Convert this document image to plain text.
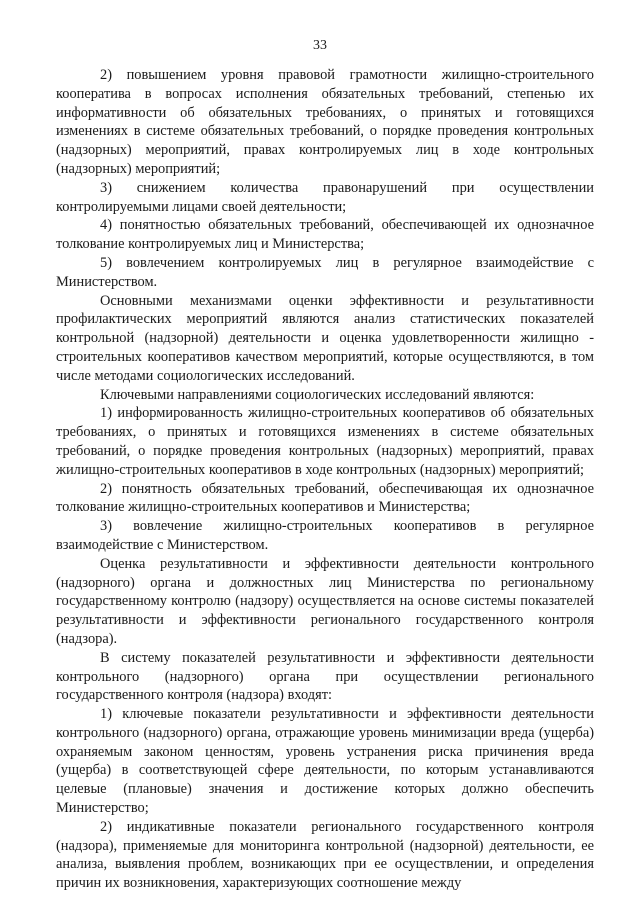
33

2) повышением уровня правовой грамотности жилищно-строительного кооператива в вопросах исполнения обязательных требований, степенью их информативности об обязательных требованиях, о принятых и готовящихся изменениях в системе обязательных требований, о порядке проведения контрольных (надзорных) мероприятий, правах контролируемых лиц в ходе контрольных (надзорных) мероприятий;

3) снижением количества правонарушений при осуществлении контролируемыми лицами своей деятельности;

4) понятностью обязательных требований, обеспечивающей их однозначное толкование контролируемых лиц и Министерства;

5) вовлечением контролируемых лиц в регулярное взаимодействие с Министерством.

Основными механизмами оценки эффективности и результативности профилактических мероприятий являются анализ статистических показателей контрольной (надзорной) деятельности и оценка удовлетворенности жилищно - строительных кооперативов качеством мероприятий, которые осуществляются, в том числе методами социологических исследований.

Ключевыми направлениями социологических исследований являются:

1) информированность жилищно-строительных кооперативов об обязательных требованиях, о принятых и готовящихся изменениях в системе обязательных требований, о порядке проведения контрольных (надзорных) мероприятий, правах жилищно-строительных кооперативов в ходе контрольных (надзорных) мероприятий;

2) понятность обязательных требований, обеспечивающая их однозначное толкование жилищно-строительных кооперативов и Министерства;

3) вовлечение жилищно-строительных кооперативов в регулярное взаимодействие с Министерством.

Оценка результативности и эффективности деятельности контрольного (надзорного) органа и должностных лиц Министерства по региональному государственному контролю (надзору) осуществляется на основе системы показателей результативности и эффективности регионального государственного контроля (надзора).

В систему показателей результативности и эффективности деятельности контрольного (надзорного) органа при осуществлении регионального государственного контроля (надзора) входят:

1) ключевые показатели результативности и эффективности деятельности контрольного (надзорного) органа, отражающие уровень минимизации вреда (ущерба) охраняемым законом ценностям, уровень устранения риска причинения вреда (ущерба) в соответствующей сфере деятельности, по которым устанавливаются целевые (плановые) значения и достижение которых должно обеспечить Министерство;

2) индикативные показатели регионального государственного контроля (надзора), применяемые для мониторинга контрольной (надзорной) деятельности, ее анализа, выявления проблем, возникающих при ее осуществлении, и определения причин их возникновения, характеризующих соотношение между
